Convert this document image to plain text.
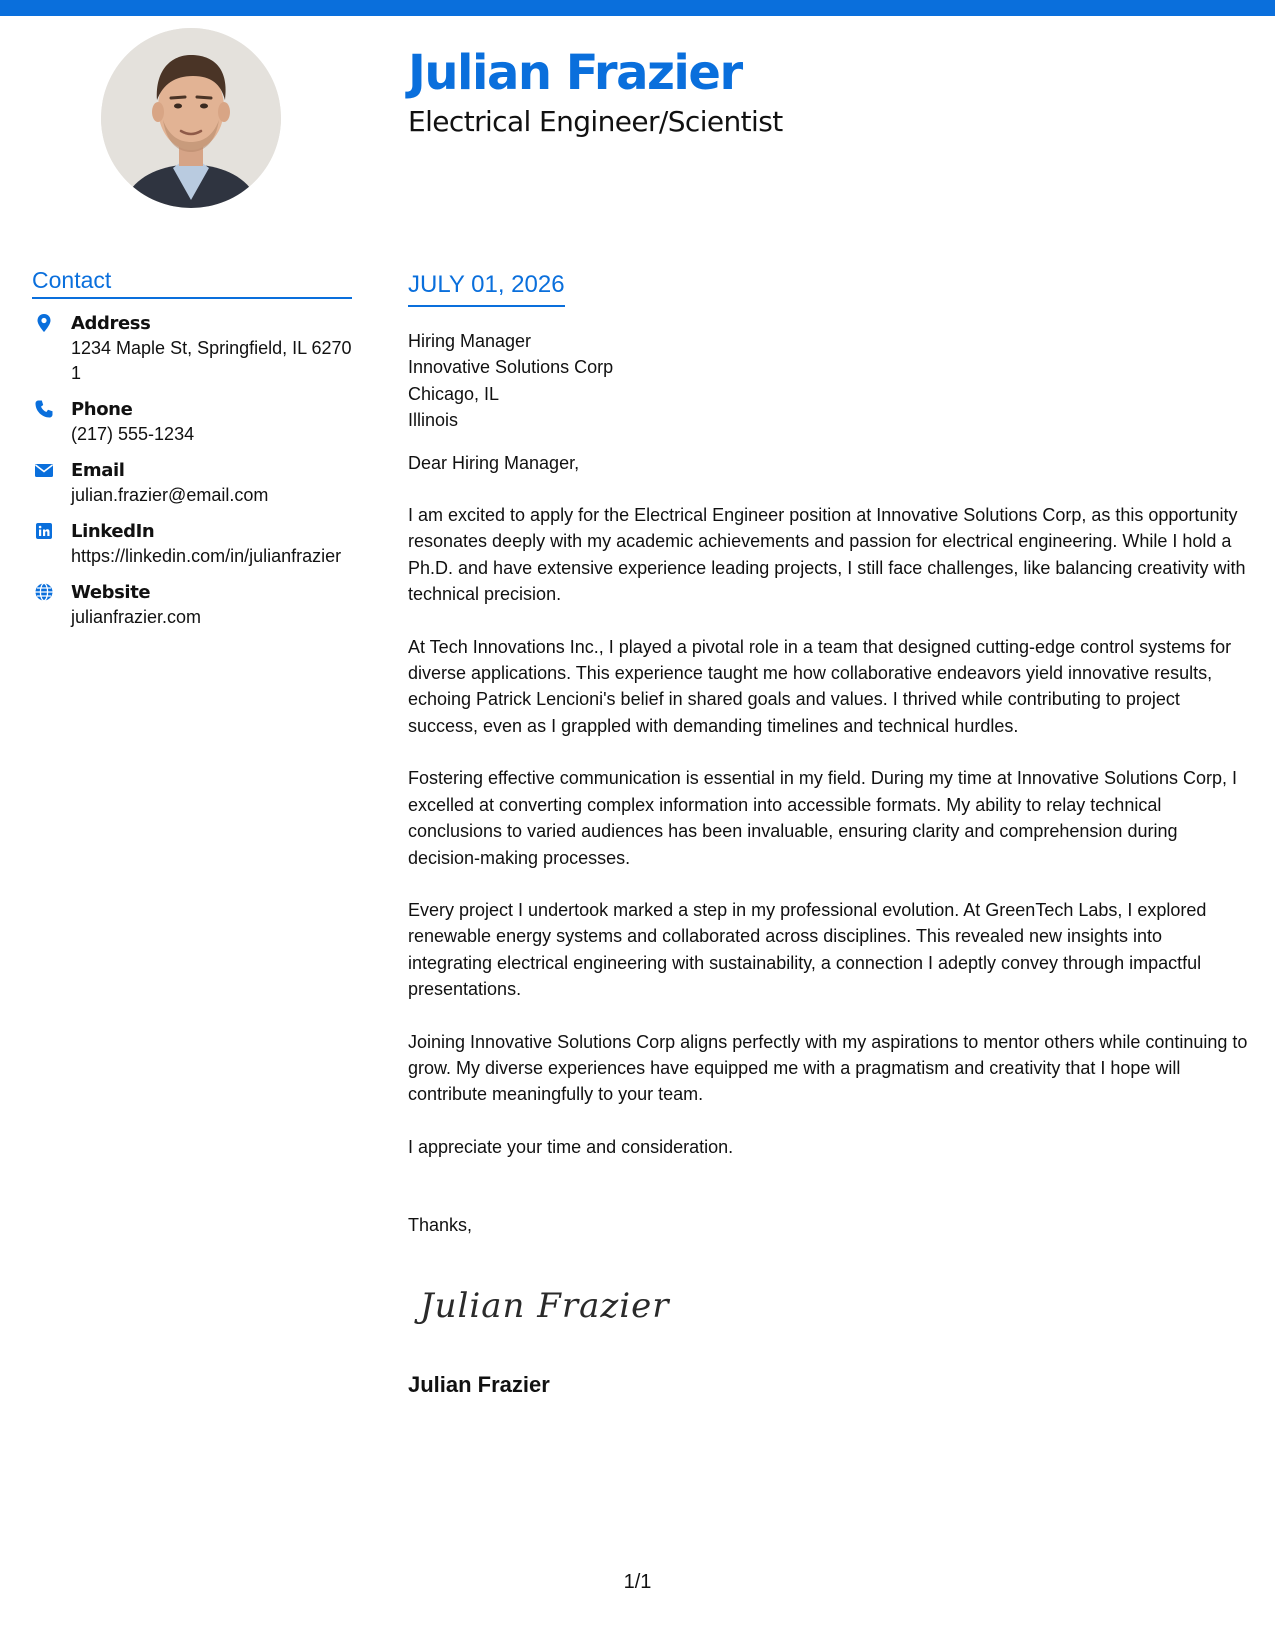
Julian Frazier
Electrical Engineer/Scientist
Contact
Address
1234 Maple St, Springfield, IL 62701
Phone
(217) 555-1234
Email
julian.frazier@email.com
LinkedIn
https://linkedin.com/in/julianfrazier
Website
julianfrazier.com
JULY 01, 2026
Hiring Manager
Innovative Solutions Corp
Chicago, IL
Illinois

Dear Hiring Manager,

I am excited to apply for the Electrical Engineer position at Innovative Solutions Corp, as this opportunity resonates deeply with my academic achievements and passion for electrical engineering. While I hold a Ph.D. and have extensive experience leading projects, I still face challenges, like balancing creativity with technical precision.

At Tech Innovations Inc., I played a pivotal role in a team that designed cutting-edge control systems for diverse applications. This experience taught me how collaborative endeavors yield innovative results, echoing Patrick Lencioni's belief in shared goals and values. I thrived while contributing to project success, even as I grappled with demanding timelines and technical hurdles.

Fostering effective communication is essential in my field. During my time at Innovative Solutions Corp, I excelled at converting complex information into accessible formats. My ability to relay technical conclusions to varied audiences has been invaluable, ensuring clarity and comprehension during decision-making processes.

Every project I undertook marked a step in my professional evolution. At GreenTech Labs, I explored renewable energy systems and collaborated across disciplines. This revealed new insights into integrating electrical engineering with sustainability, a connection I adeptly convey through impactful presentations.

Joining Innovative Solutions Corp aligns perfectly with my aspirations to mentor others while continuing to grow. My diverse experiences have equipped me with a pragmatism and creativity that I hope will contribute meaningfully to your team.

I appreciate your time and consideration.

Thanks,
Julian Frazier
Julian Frazier
1/1
